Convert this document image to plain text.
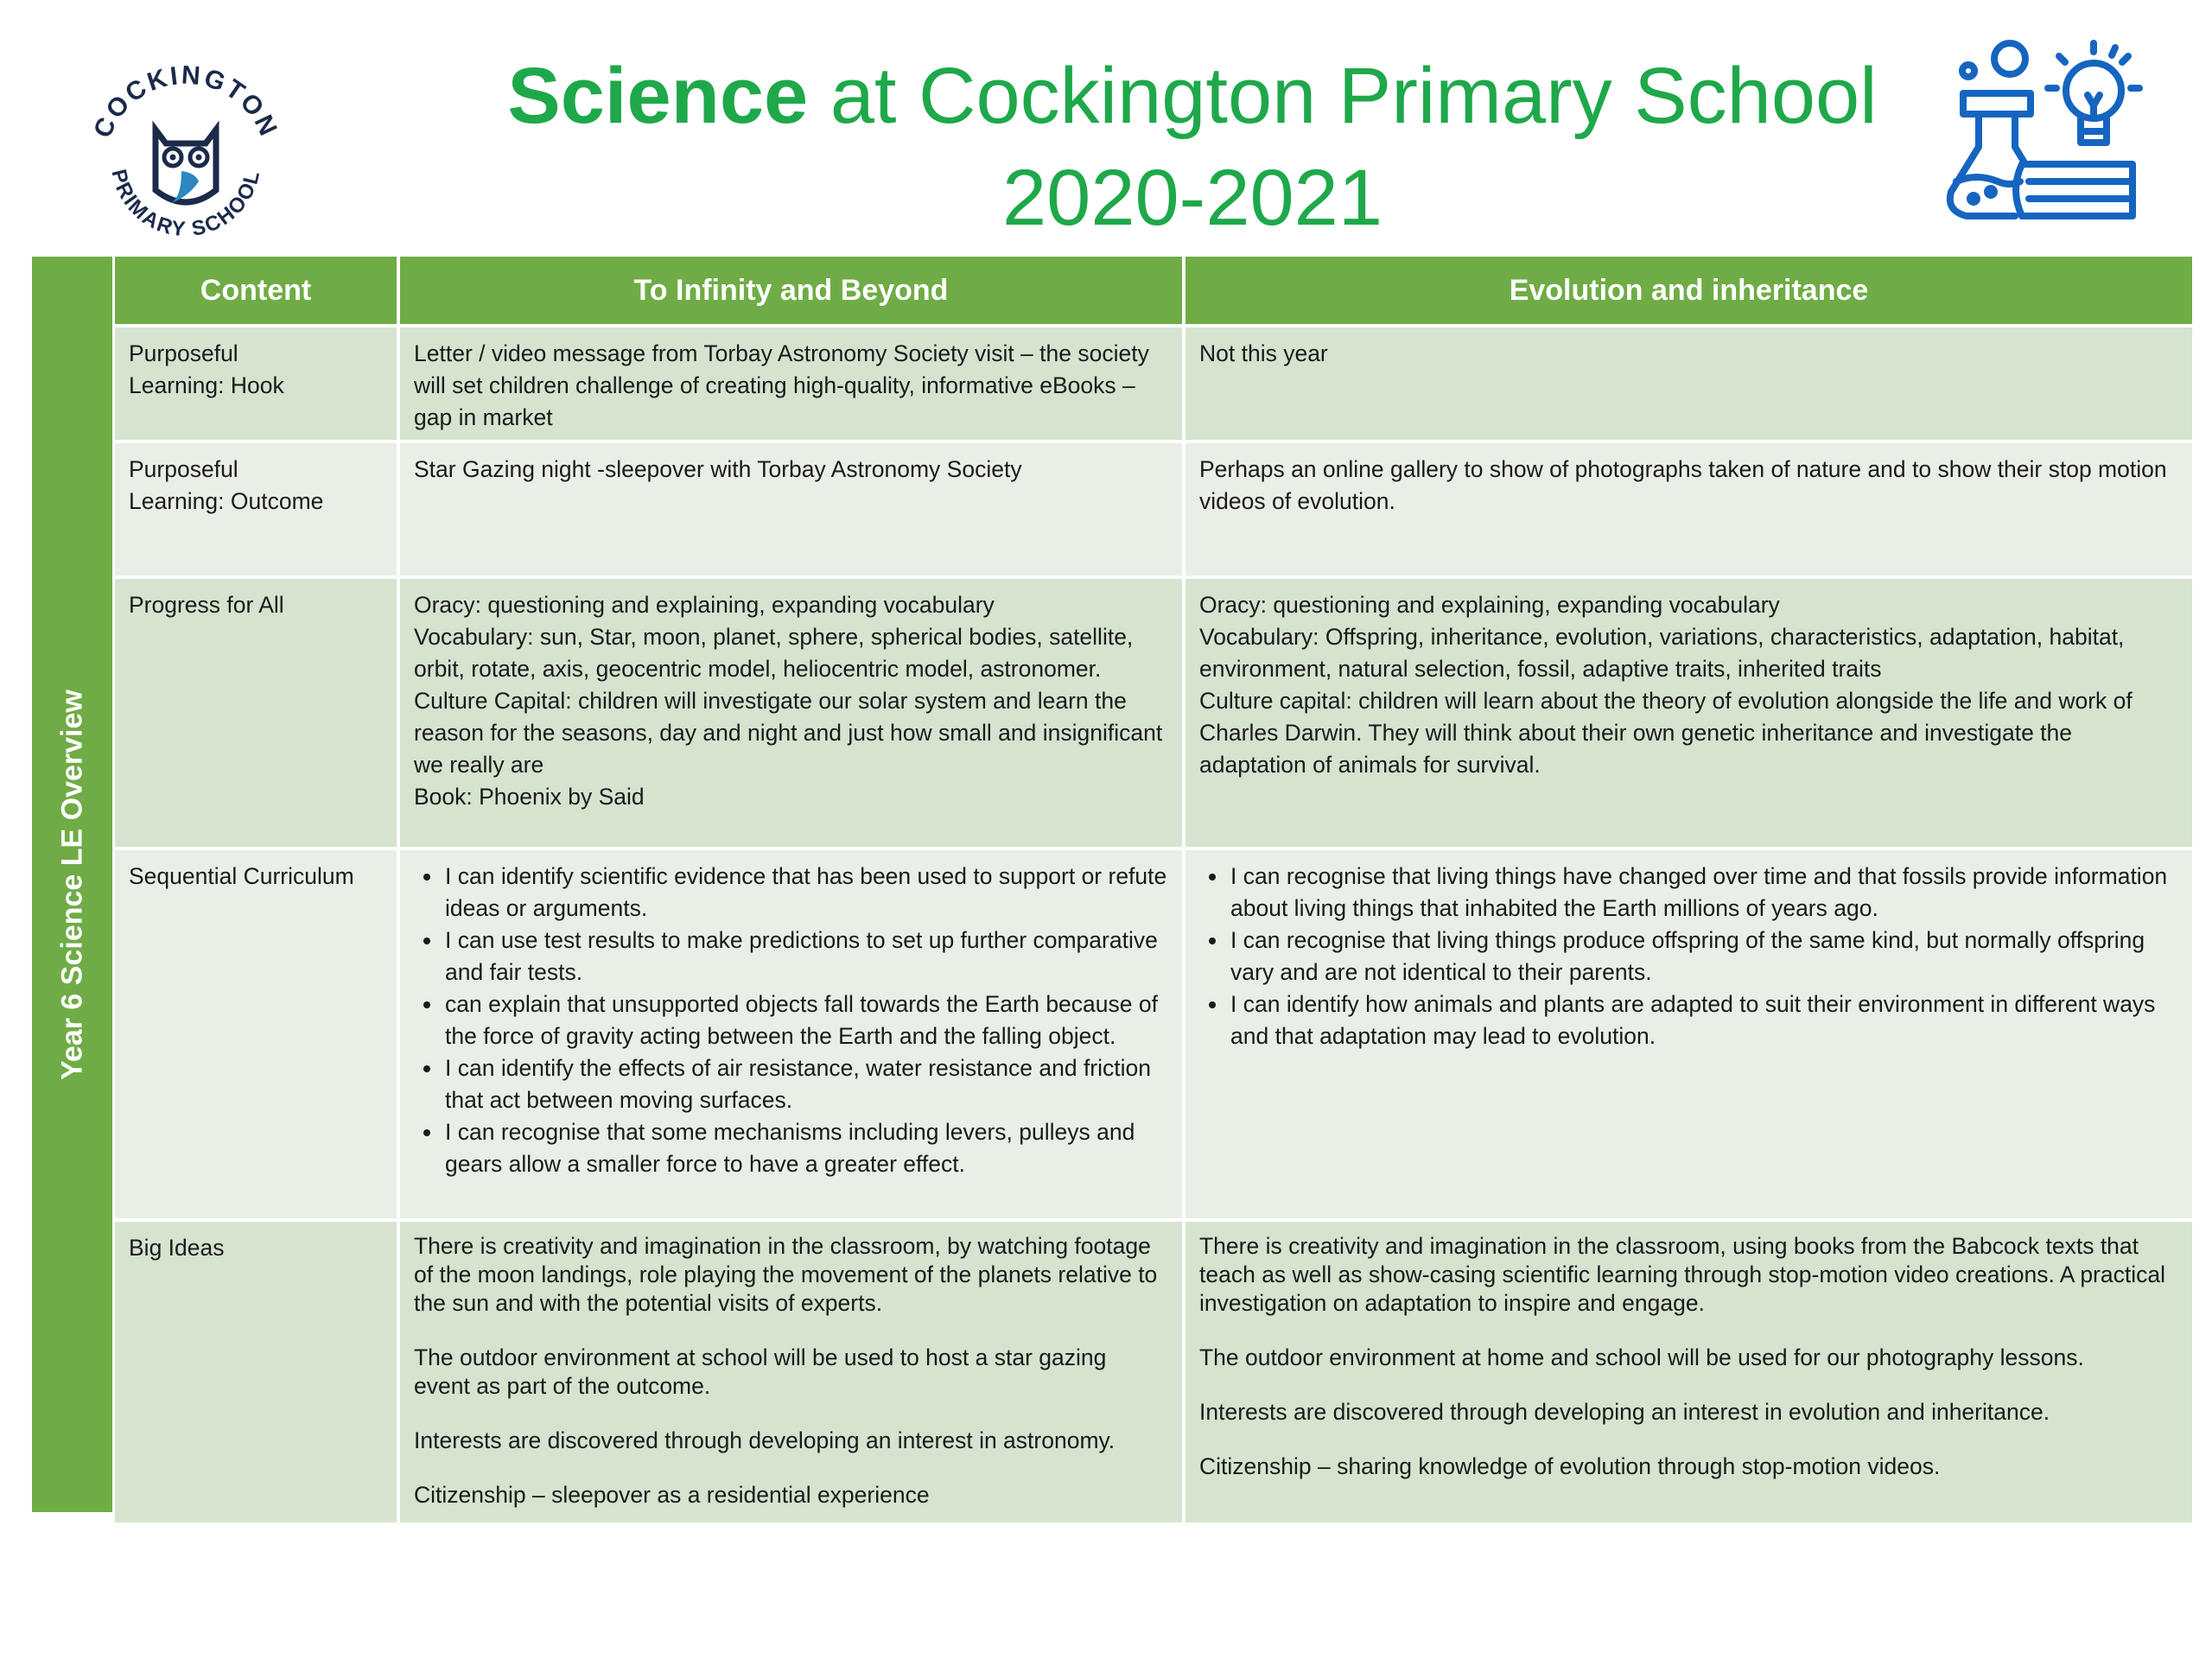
COCKINGTON
PRIMARY SCHOOL
Science at Cockington Primary School
2020-2021
Year 6 Science LE Overview
Content	To Infinity and Beyond	Evolution and inheritance
Purposeful
Learning: Hook
Letter / video message from Torbay Astronomy Society visit – the society will set children challenge of creating high-quality, informative eBooks – gap in market
Not this year
Purposeful
Learning: Outcome
Star Gazing night -sleepover with Torbay Astronomy Society	Perhaps an online gallery to show of photographs taken of nature and to show their stop motion videos of evolution.
Progress for All	Oracy: questioning and explaining, expanding vocabulary

Vocabulary: sun, Star, moon, planet, sphere, spherical bodies, satellite, orbit, rotate, axis, geocentric model, heliocentric model, astronomer.

Culture Capital: children will investigate our solar system and learn the reason for the seasons, day and night and just how small and insignificant we really are

Book: Phoenix by Said

Oracy: questioning and explaining, expanding vocabulary

Vocabulary: Offspring, inheritance, evolution, variations, characteristics, adaptation, habitat, environment, natural selection, fossil, adaptive traits, inherited traits

Culture capital: children will learn about the theory of evolution alongside the life and work of Charles Darwin. They will think about their own genetic inheritance and investigate the adaptation of animals for survival.

Sequential Curriculum
•	I can identify scientific evidence that has been used to support or refute ideas or arguments.
• I can use test results to make predictions to set up further comparative and fair tests.
• can explain that unsupported objects fall towards the Earth because of the force of gravity acting between the Earth and the falling object.
• I can identify the effects of air resistance, water resistance and friction that act between moving surfaces.
• I can recognise that some mechanisms including levers, pulleys and gears allow a smaller force to have a greater effect.
• I can recognise that living things have changed over time and that fossils provide information about living things that inhabited the Earth millions of years ago.
• I can recognise that living things produce offspring of the same kind, but normally offspring vary and are not identical to their parents.
• I can identify how animals and plants are adapted to suit their environment in different ways and that adaptation may lead to evolution.
Big Ideas	There is creativity and imagination in the classroom, by watching footage of the moon landings, role playing the movement of the planets relative to the sun and with the potential visits of experts.

The outdoor environment at school will be used to host a star gazing event as part of the outcome.

Interests are discovered through developing an interest in astronomy.

Citizenship – sleepover as a residential experience

There is creativity and imagination in the classroom, using books from the Babcock texts that teach as well as show-casing scientific learning through stop-motion video creations. A practical investigation on adaptation to inspire and engage.

The outdoor environment at home and school will be used for our photography lessons.

Interests are discovered through developing an interest in evolution and inheritance.

Citizenship – sharing knowledge of evolution through stop-motion videos.
